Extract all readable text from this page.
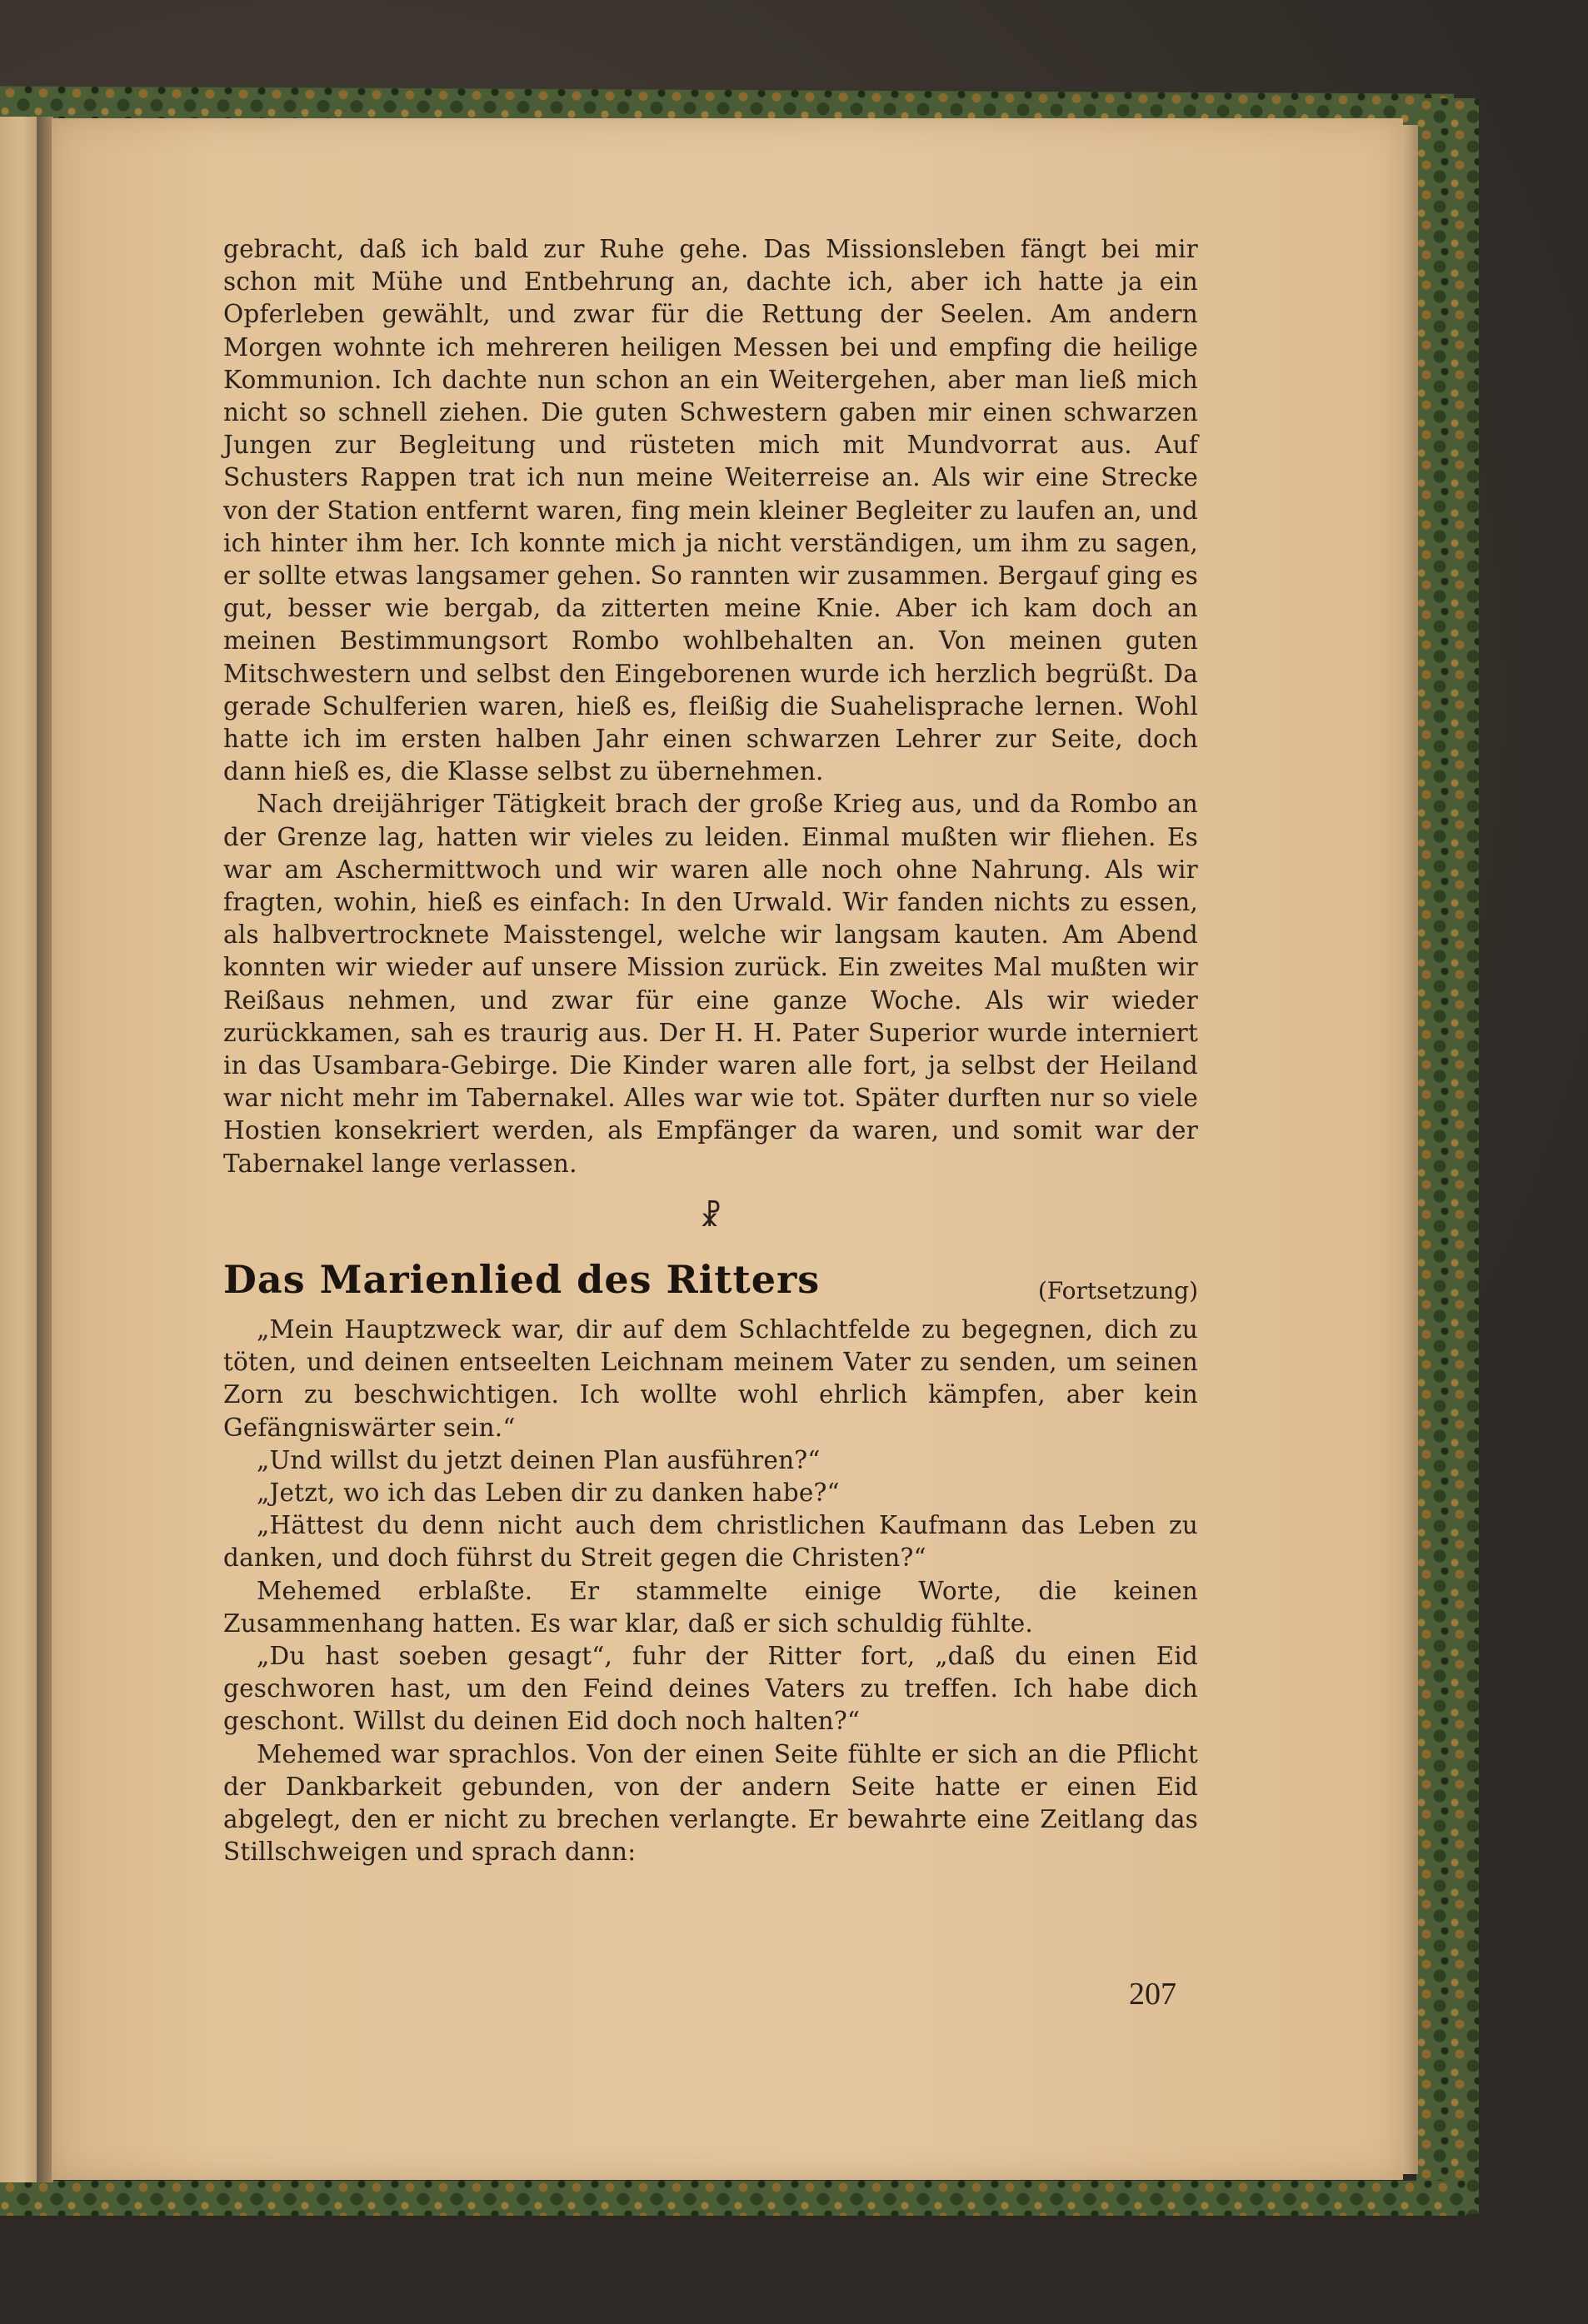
gebracht, daß ich bald zur Ruhe gehe. Das Missionsleben fängt bei mir schon mit Mühe und Entbehrung an, dachte ich, aber ich hatte ja ein Opferleben gewählt, und zwar für die Rettung der Seelen. Am andern Morgen wohnte ich mehreren heiligen Messen bei und empfing die heilige Kommunion. Ich dachte nun schon an ein Weitergehen, aber man ließ mich nicht so schnell ziehen. Die guten Schwestern gaben mir einen schwarzen Jungen zur Begleitung und rüsteten mich mit Mundvorrat aus. Auf Schusters Rappen trat ich nun meine Weiterreise an. Als wir eine Strecke von der Station entfernt waren, fing mein kleiner Begleiter zu laufen an, und ich hinter ihm her. Ich konnte mich ja nicht verständigen, um ihm zu sagen, er sollte etwas langsamer gehen. So rannten wir zusammen. Bergauf ging es gut, besser wie bergab, da zitterten meine Knie. Aber ich kam doch an meinen Bestimmungsort Rombo wohlbehalten an. Von meinen guten Mitschwestern und selbst den Eingeborenen wurde ich herzlich begrüßt. Da gerade Schulferien waren, hieß es, fleißig die Suahelisprache lernen. Wohl hatte ich im ersten halben Jahr einen schwarzen Lehrer zur Seite, doch dann hieß es, die Klasse selbst zu übernehmen.

Nach dreijähriger Tätigkeit brach der große Krieg aus, und da Rombo an der Grenze lag, hatten wir vieles zu leiden. Einmal mußten wir fliehen. Es war am Aschermittwoch und wir waren alle noch ohne Nahrung. Als wir fragten, wohin, hieß es einfach: In den Urwald. Wir fanden nichts zu essen, als halbvertrocknete Maisstengel, welche wir langsam kauten. Am Abend konnten wir wieder auf unsere Mission zurück. Ein zweites Mal mußten wir Reißaus nehmen, und zwar für eine ganze Woche. Als wir wieder zurückkamen, sah es traurig aus. Der H. H. Pater Superior wurde interniert in das Usambara-Gebirge. Die Kinder waren alle fort, ja selbst der Heiland war nicht mehr im Tabernakel. Alles war wie tot. Später durften nur so viele Hostien konsekriert werden, als Empfänger da waren, und somit war der Tabernakel lange verlassen.

☧
Das Marienlied des Ritters	(Fortsetzung)

„Mein Hauptzweck war, dir auf dem Schlachtfelde zu begegnen, dich zu töten, und deinen entseelten Leichnam meinem Vater zu senden, um seinen Zorn zu beschwichtigen. Ich wollte wohl ehrlich kämpfen, aber kein Gefängniswärter sein.“

„Und willst du jetzt deinen Plan ausführen?“

„Jetzt, wo ich das Leben dir zu danken habe?“

„Hättest du denn nicht auch dem christlichen Kaufmann das Leben zu danken, und doch führst du Streit gegen die Christen?“

Mehemed erblaßte. Er stammelte einige Worte, die keinen Zusammenhang hatten. Es war klar, daß er sich schuldig fühlte.

„Du hast soeben gesagt“, fuhr der Ritter fort, „daß du einen Eid geschworen hast, um den Feind deines Vaters zu treffen. Ich habe dich geschont. Willst du deinen Eid doch noch halten?“

Mehemed war sprachlos. Von der einen Seite fühlte er sich an die Pflicht der Dankbarkeit gebunden, von der andern Seite hatte er einen Eid abgelegt, den er nicht zu brechen verlangte. Er bewahrte eine Zeitlang das Stillschweigen und sprach dann:

207
